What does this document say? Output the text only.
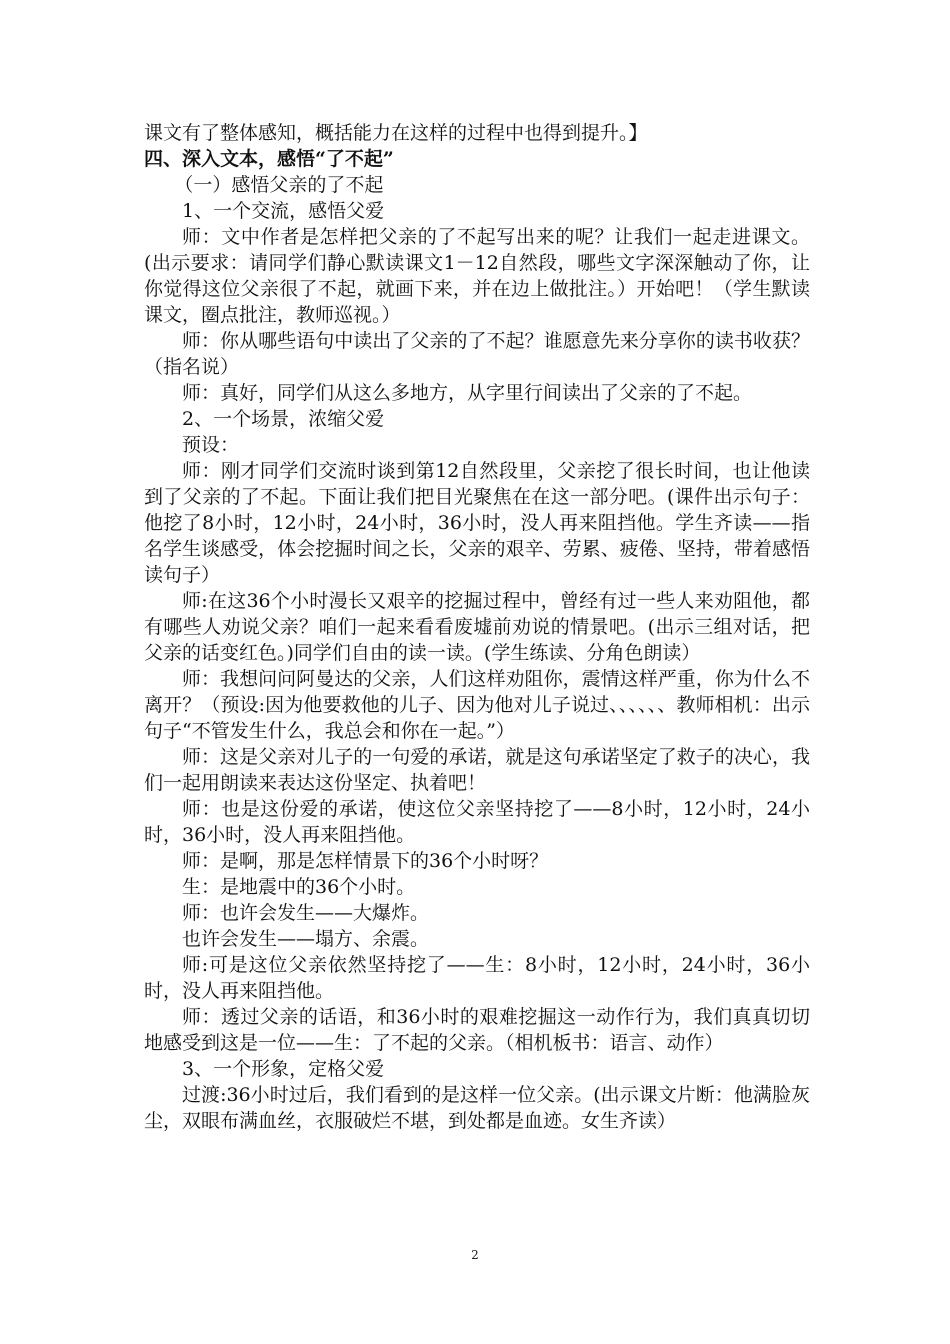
课文有了整体感知，概括能力在这样的过程中也得到提升。】

四、深入文本，感悟“了不起”

（一）感悟父亲的了不起

1、一个交流，感悟父爱

师：文中作者是怎样把父亲的了不起写出来的呢？让我们一起走进课文。(出示要求：请同学们静心默读课文1－12自然段，哪些文字深深触动了你，让你觉得这位父亲很了不起，就画下来，并在边上做批注。）开始吧！（学生默读课文，圈点批注，教师巡视。）

师：你从哪些语句中读出了父亲的了不起？谁愿意先来分享你的读书收获？（指名说）

师：真好，同学们从这么多地方，从字里行间读出了父亲的了不起。

2、一个场景，浓缩父爱

预设：

师：刚才同学们交流时谈到第12自然段里，父亲挖了很长时间，也让他读到了父亲的了不起。下面让我们把目光聚焦在在这一部分吧。(课件出示句子：他挖了8小时，12小时，24小时，36小时，没人再来阻挡他。学生齐读——指名学生谈感受，体会挖掘时间之长，父亲的艰辛、劳累、疲倦、坚持，带着感悟读句子）

师:在这36个小时漫长又艰辛的挖掘过程中，曾经有过一些人来劝阻他，都有哪些人劝说父亲？咱们一起来看看废墟前劝说的情景吧。(出示三组对话，把父亲的话变红色。)同学们自由的读一读。(学生练读、分角色朗读）

师：我想问问阿曼达的父亲，人们这样劝阻你，震情这样严重，你为什么不离开？（预设:因为他要救他的儿子、因为他对儿子说过、、、、、、教师相机：出示句子“不管发生什么，我总会和你在一起。”）

师：这是父亲对儿子的一句爱的承诺，就是这句承诺坚定了救子的决心，我们一起用朗读来表达这份坚定、执着吧！

师：也是这份爱的承诺，使这位父亲坚持挖了——8小时，12小时，24小时，36小时，没人再来阻挡他。

师：是啊，那是怎样情景下的36个小时呀？

生：是地震中的36个小时。

师：也许会发生——大爆炸。

也许会发生——塌方、余震。

师:可是这位父亲依然坚持挖了——生：8小时，12小时，24小时，36小时，没人再来阻挡他。

师：透过父亲的话语，和36小时的艰难挖掘这一动作行为，我们真真切切地感受到这是一位——生：了不起的父亲。（相机板书：语言、动作）

3、一个形象，定格父爱

过渡:36小时过后，我们看到的是这样一位父亲。(出示课文片断：他满脸灰尘，双眼布满血丝，衣服破烂不堪，到处都是血迹。女生齐读）

2
